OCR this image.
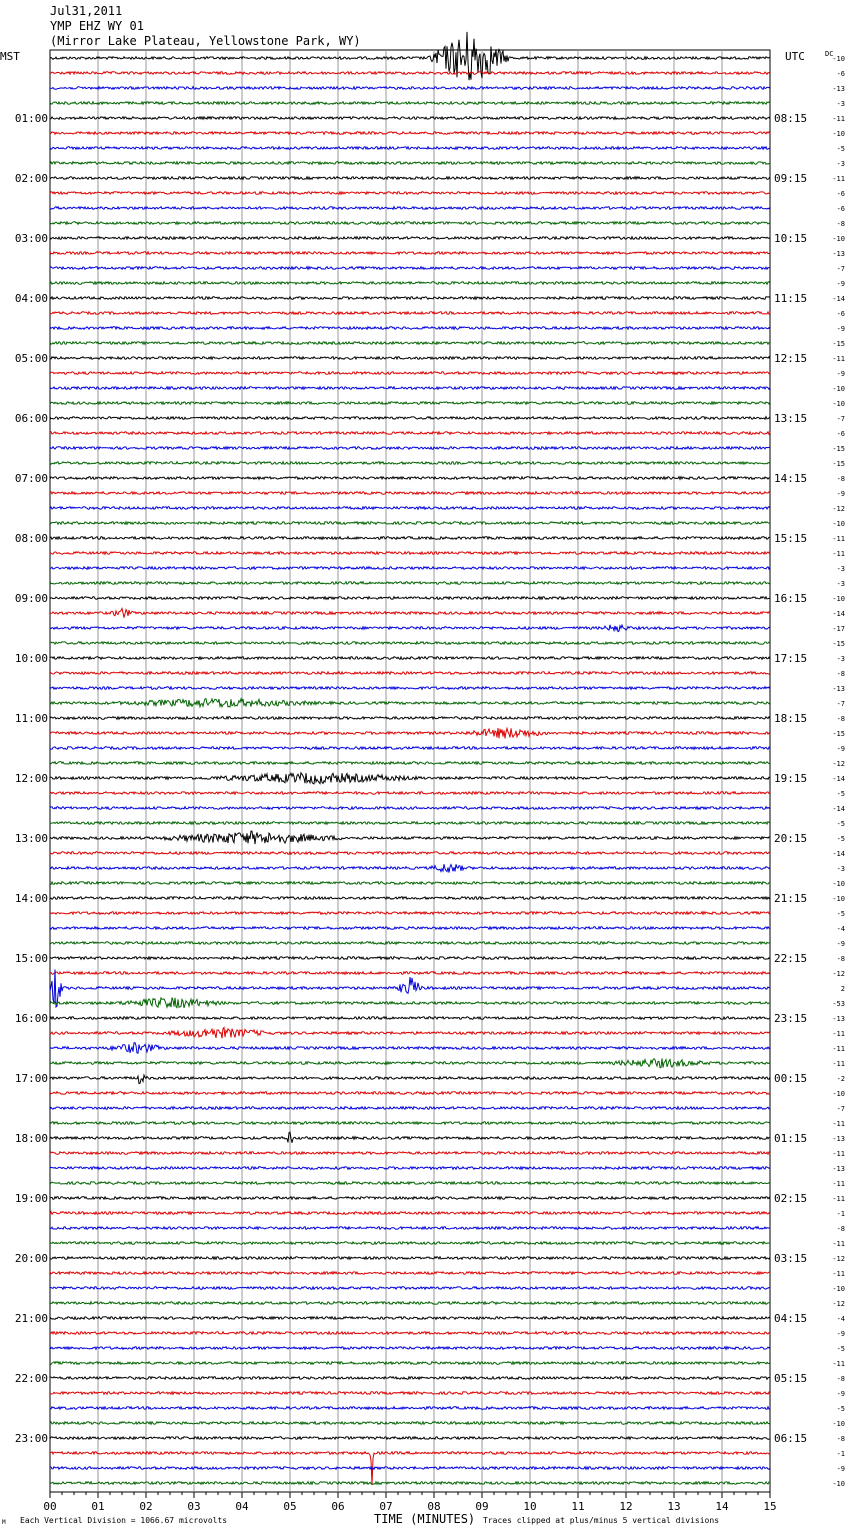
Jul31,2011
YMP EHZ WY 01
(Mirror Lake Plateau, Yellowstone Park, WY)
MST	UTC	DC
-10
-6
-13
-3
-11
-10
-5
-3
-11
-6
-6
-8
-10
-13
-7
-9
-14
-6
-9
-15
-11
-9
-10
-10
-7
-6
-15
-15
-8
-9
-12
-10
-11
-11
-3
-3
-10
-14
-17
-15
-3
-8
-13
-7
-8
-15
-9
-12
-14
-5
-14
-5
-5
-14
-3
-10
-10
-5
-4
-9
-8
-12
2
-53
-13
-11
-11
-11
-2
-10
-7
-11
-13
-11
-13
-11
-11
-1
-8
-11
-12
-11
-10
-12
-4
-9
-5
-11
-8
-9
-5
-10
-8
-1
-9
-10
01:00
02:00
03:00
04:00
05:00
06:00
07:00
08:00
09:00
10:00
11:00
12:00
13:00
14:00
15:00
16:00
17:00
18:00
19:00
20:00
21:00
22:00
23:00
08:15
09:15
10:15
11:15
12:15
13:15
14:15
15:15
16:15
17:15
18:15
19:15
20:15
21:15
22:15
23:15
00:15
01:15
02:15
03:15
04:15
05:15
06:15
00	01	02	03	04	05	06	07	08	09	10	11	12	13	14	15
M Each Vertical Division = 1066.67 microvolts	TIME (MINUTES) Traces clipped at plus/minus 5 vertical divisions
